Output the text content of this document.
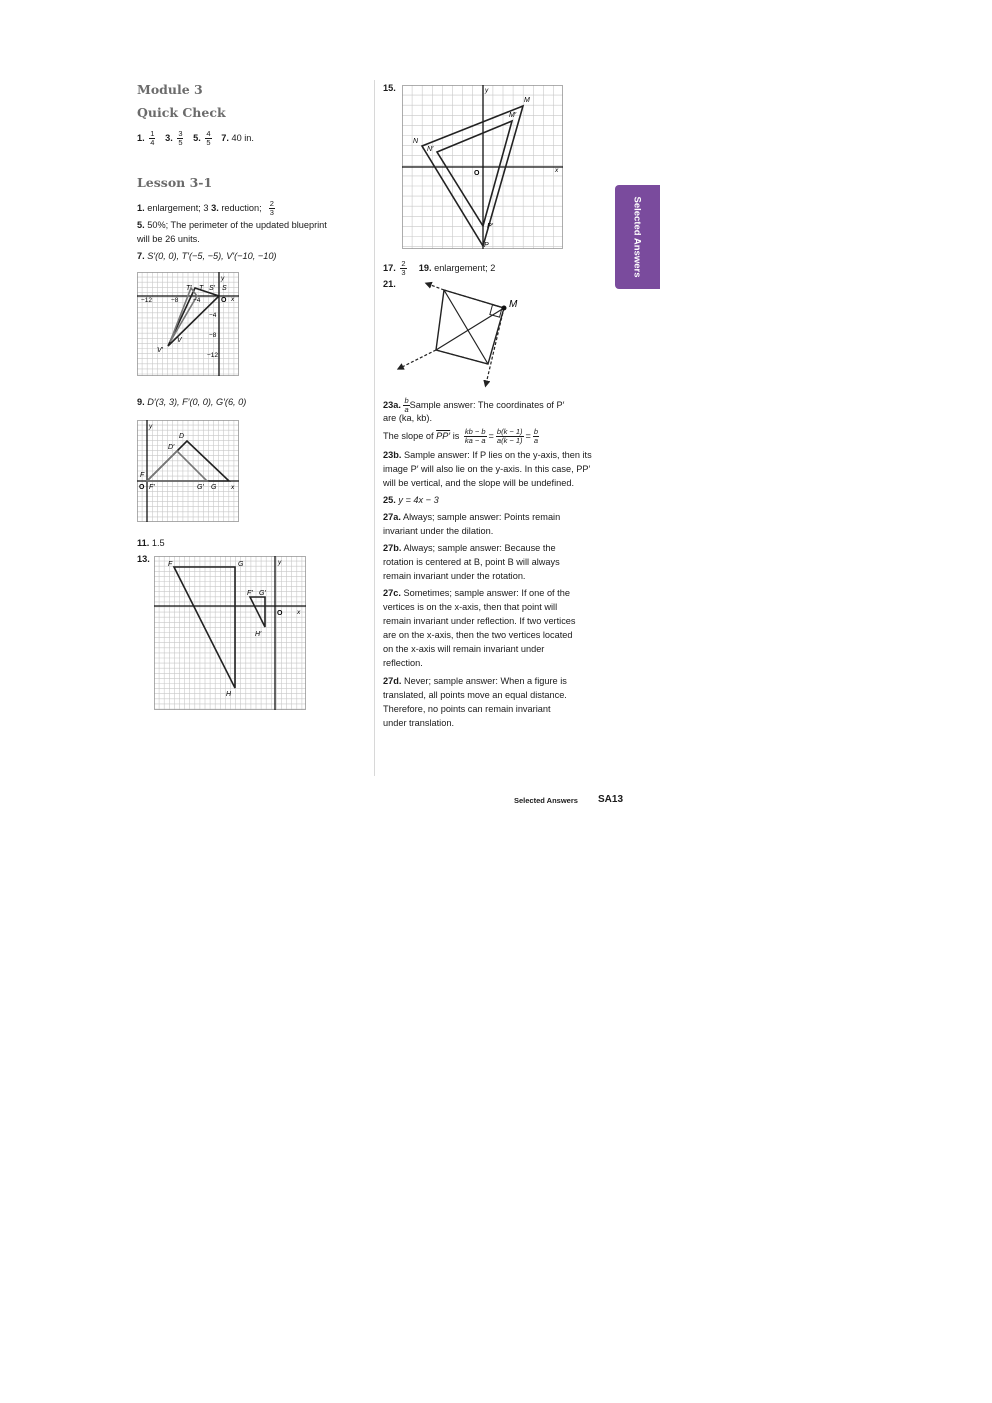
Module 3
Quick Check
1. $\frac{1}{4} 3$. $\frac{3}{5} 5$. $\frac{4}{5} 7$. 40 in.
Lesson 3-1
1. enlargement; 3 3. reduction; $\frac{2}{3}$
5. 50%; The perimeter of the updated blueprint
will be 26 units.
7. S′(0, 0), T′(−5, −5), V′(−10, −10)
−12	−8 −4
−4
−8
−12
T′ T S′ S
V
V′
O x
y
9. D′(3, 3), F′(0, 0), G′(6, 0)
D
D′
F
F′	G
G′
O	x
y
11. 1.5
13.
F	G
F′ G′
H′
H
O x
y
15.
M
M′
N
N′
P
P′
O	x
y
17. $\frac{2}{3} 19$. enlargement; 2
21.
M
23a. $\frac{b}{a}$ Sample answer: The coordinates of P′
are (ka, kb).
The slope of PP′ is $\frac{kb - b}{ka - a} = \frac{b(k - 1)}{a(k - 1)} = \frac{b}{a}$
23b. Sample answer: If P lies on the y-axis, then its
image P′ will also lie on the y-axis. In this case, PP′
will be vertical, and the slope will be undefined.
25. y = 4x − 3
27a. Always; sample answer: Points remain
invariant under the dilation.
27b. Always; sample answer: Because the
rotation is centered at B, point B will always
remain invariant under the rotation.
27c. Sometimes; sample answer: If one of the
vertices is on the x-axis, then that point will
remain invariant under reflection. If two vertices
are on the x-axis, then the two vertices located
on the x-axis will remain invariant under
reflection.
27d. Never; sample answer: When a figure is
translated, all points move an equal distance.
Therefore, no points can remain invariant
under translation.
Selected Answers
Selected Answers SA13
